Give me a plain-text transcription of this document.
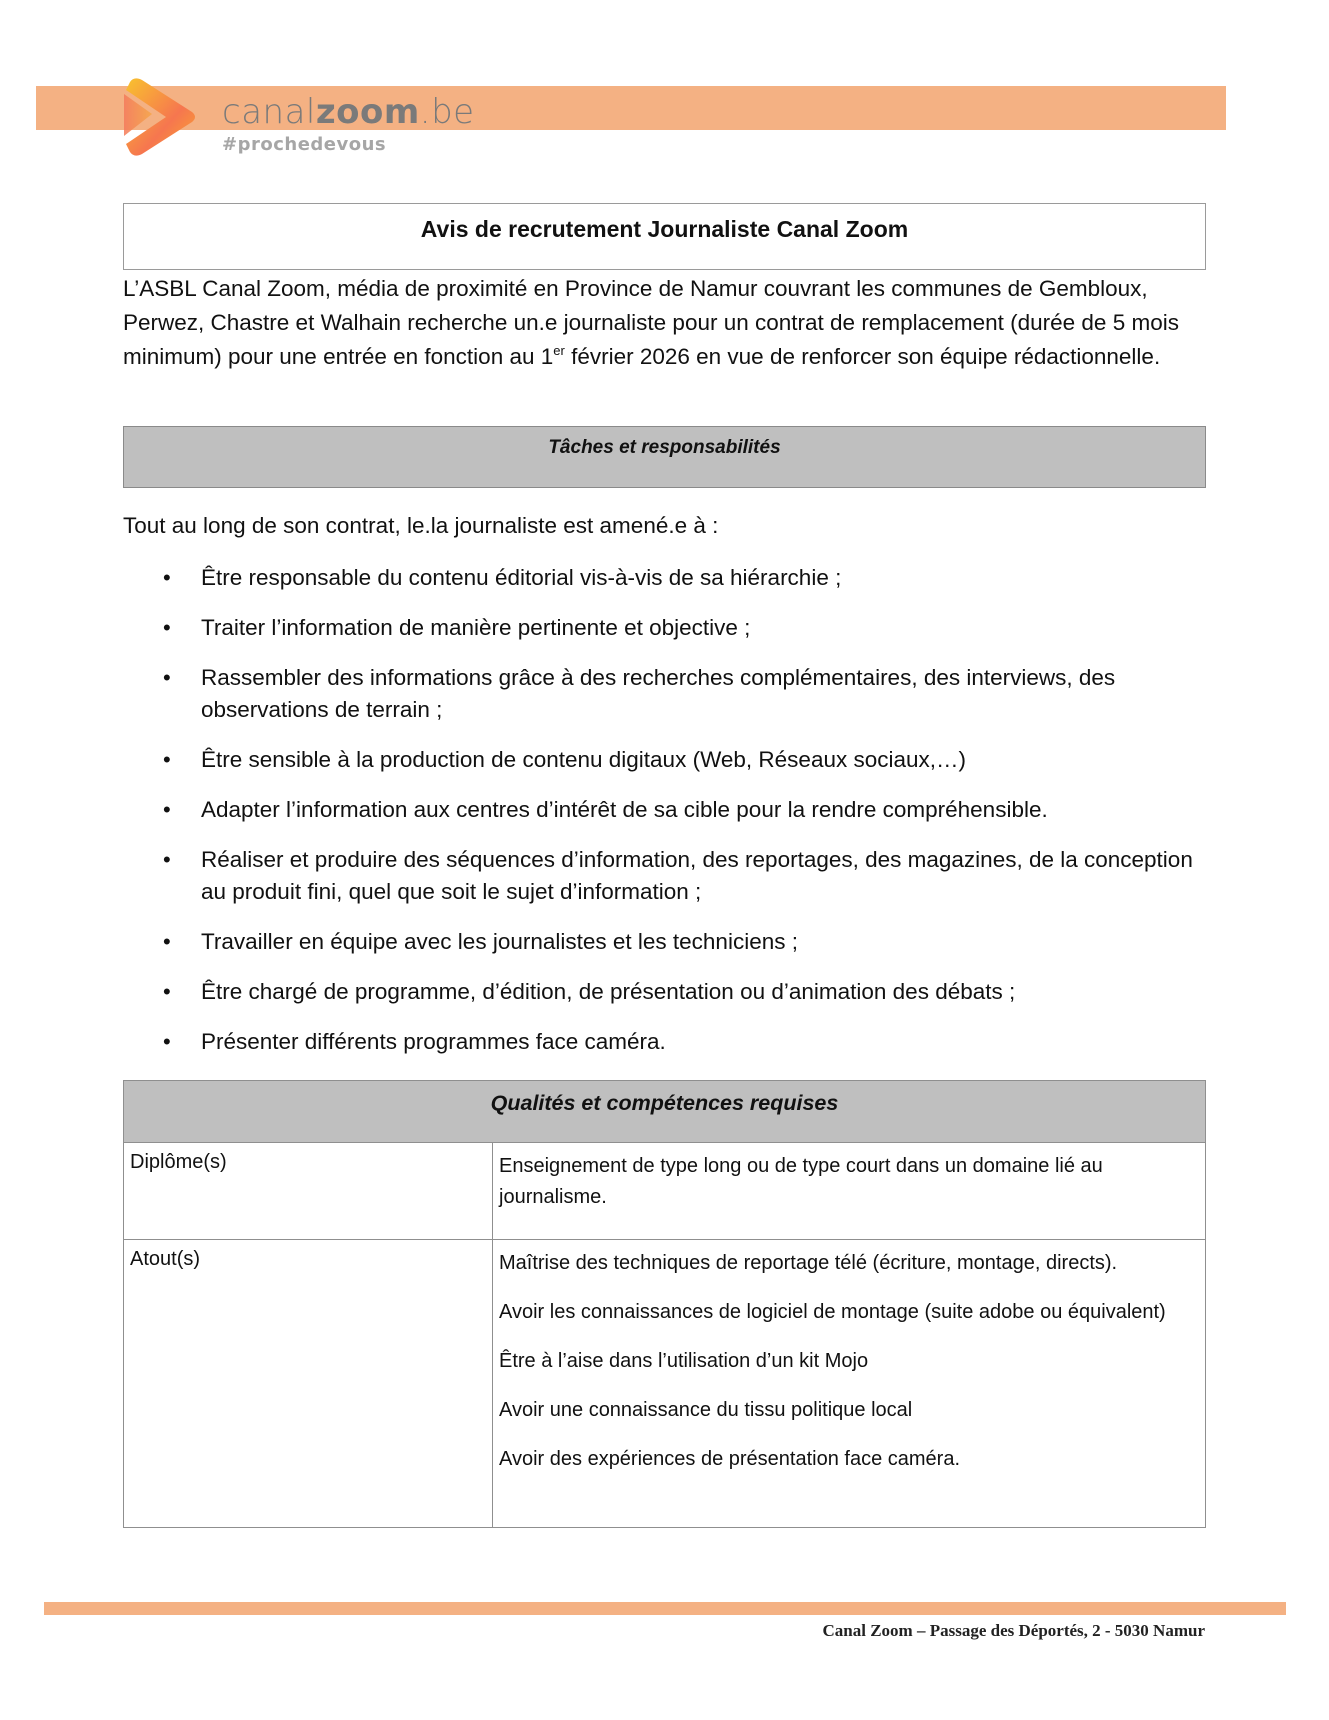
canalzoom.be
#prochedevous
Avis de recrutement Journaliste Canal Zoom

L’ASBL Canal Zoom, média de proximité en Province de Namur couvrant les communes de Gembloux, Perwez, Chastre et Walhain recherche un.e journaliste pour un contrat de remplacement (durée de 5 mois minimum) pour une entrée en fonction au 1er février 2026 en vue de renforcer son équipe rédactionnelle.

Tâches et responsabilités

Tout au long de son contrat, le.la journaliste est amené.e à :

• Être responsable du contenu éditorial vis-à-vis de sa hiérarchie ;
• Traiter l’information de manière pertinente et objective ;
• Rassembler des informations grâce à des recherches complémentaires, des interviews, des observations de terrain ;
• Être sensible à la production de contenu digitaux (Web, Réseaux sociaux,…)
• Adapter l’information aux centres d’intérêt de sa cible pour la rendre compréhensible.
• Réaliser et produire des séquences d’information, des reportages, des magazines, de la conception au produit fini, quel que soit le sujet d’information ;
• Travailler en équipe avec les journalistes et les techniciens ;
• Être chargé de programme, d’édition, de présentation ou d’animation des débats ;
• Présenter différents programmes face caméra.
Qualités et compétences requises	
Diplôme(s)	Enseignement de type long ou de type court dans un domaine lié au journalisme.

Atout(s)	Maîtrise des techniques de reportage télé (écriture, montage, directs).

Avoir les connaissances de logiciel de montage (suite adobe ou équivalent)

Être à l’aise dans l’utilisation d’un kit Mojo

Avoir une connaissance du tissu politique local

Avoir des expériences de présentation face caméra.

Canal Zoom – Passage des Déportés, 2 - 5030 Namur
